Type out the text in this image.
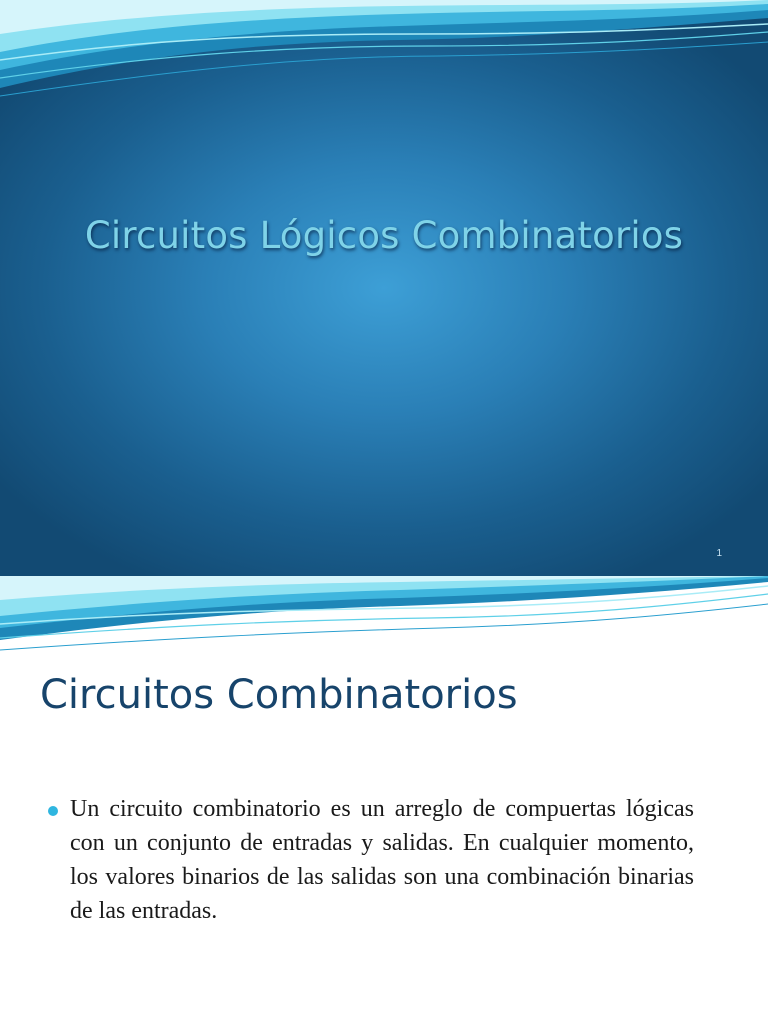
Circuitos Lógicos Combinatorios
1
Circuitos Combinatorios
Un circuito combinatorio es un arreglo de compuertas lógicas con un conjunto de entradas y salidas. En cualquier momento, los valores binarios de las salidas son una combinación binarias de las entradas.
